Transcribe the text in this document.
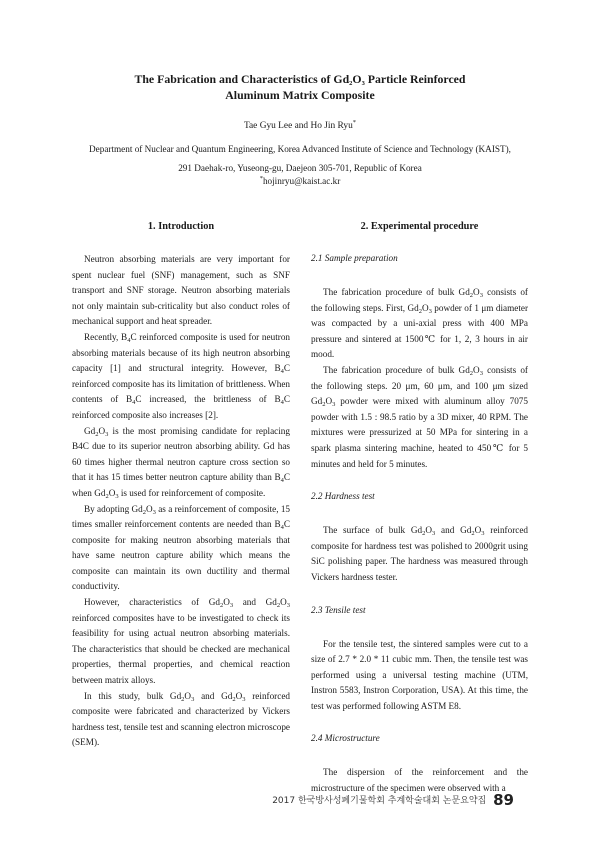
The Fabrication and Characteristics of $Gd_2O_3$ Particle Reinforced
Aluminum Matrix Composite
Tae Gyu Lee and Ho Jin Ryu*
Department of Nuclear and Quantum Engineering, Korea Advanced Institute of Science and Technology (KAIST),
291 Daehak-ro, Yuseong-gu, Daejeon 305-701, Republic of Korea
*hojinryu@kaist.ac.kr
1. Introduction

Neutron absorbing materials are very important for spent nuclear fuel (SNF) management, such as SNF transport and SNF storage. Neutron absorbing materials not only maintain sub-criticality but also conduct roles of mechanical support and heat spreader.

Recently, $B_4C$ reinforced composite is used for neutron absorbing materials because of its high neutron absorbing capacity [1] and structural integrity. However, $B_4C$ reinforced composite has its limitation of brittleness. When contents of $B_4C$ increased, the brittleness of $B_4C$ reinforced composite also increases [2].

$Gd_2O_3$ is the most promising candidate for replacing B4C due to its superior neutron absorbing ability. Gd has 60 times higher thermal neutron capture cross section so that it has 15 times better neutron capture ability than $B_4C$ when $Gd_2O_3$ is used for reinforcement of composite.

By adopting $Gd_2O_3$ as a reinforcement of composite, 15 times smaller reinforcement contents are needed than $B_4C$ composite for making neutron absorbing materials that have same neutron capture ability which means the composite can maintain its own ductility and thermal conductivity.

However, characteristics of $Gd_2O_3$ and $Gd_2O_3$ reinforced composites have to be investigated to check its feasibility for using actual neutron absorbing materials. The characteristics that should be checked are mechanical properties, thermal properties, and chemical reaction between matrix alloys.

In this study, bulk $Gd_2O_3$ and $Gd_2O_3$ reinforced composite were fabricated and characterized by Vickers hardness test, tensile test and scanning electron microscope (SEM).

2. Experimental procedure
2.1 Sample preparation

The fabrication procedure of bulk $Gd_2O_3$ consists of the following steps. First, $Gd_2O_3$ powder of 1 μm diameter was compacted by a uni-axial press with 400 MPa pressure and sintered at 1500℃ for 1, 2, 3 hours in air mood.

The fabrication procedure of bulk $Gd_2O_3$ consists of the following steps. 20 μm, 60 μm, and 100 μm sized $Gd_2O_3$ powder were mixed with aluminum alloy 7075 powder with 1.5 : 98.5 ratio by a 3D mixer, 40 RPM. The mixtures were pressurized at 50 MPa for sintering in a spark plasma sintering machine, heated to 450℃ for 5 minutes and held for 5 minutes.

2.2 Hardness test

The surface of bulk $Gd_2O_3$ and $Gd_2O_3$ reinforced composite for hardness test was polished to 2000grit using SiC polishing paper. The hardness was measured through Vickers hardness tester.

2.3 Tensile test

For the tensile test, the sintered samples were cut to a size of 2.7 * 2.0 * 11 cubic mm. Then, the tensile test was performed using a universal testing machine (UTM, Instron 5583, Instron Corporation, USA). At this time, the test was performed following ASTM E8.

2.4 Microstructure

The dispersion of the reinforcement and the microstructure of the specimen were observed with a

2017 한국방사성폐기물학회 추계학술대회 논문요약집 89
